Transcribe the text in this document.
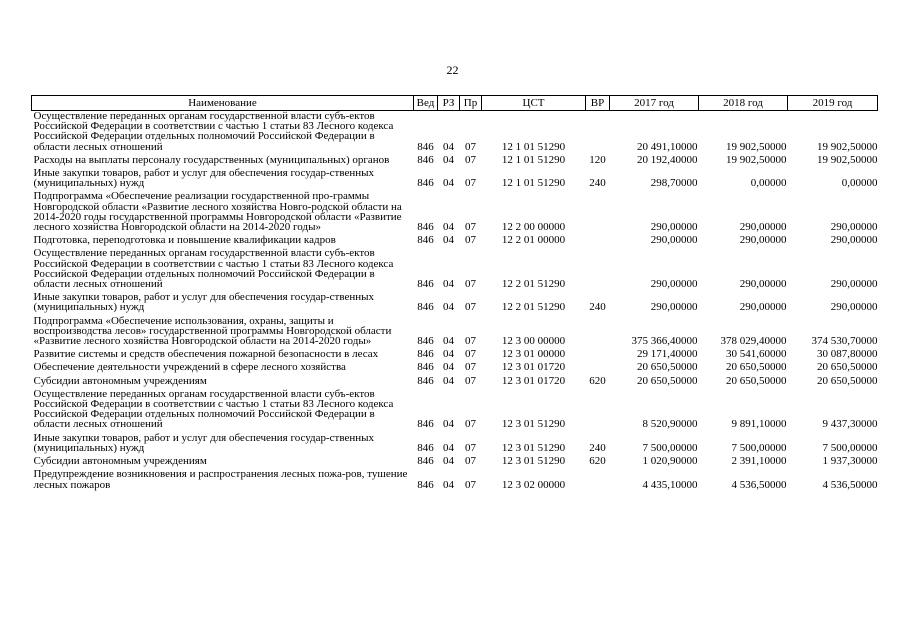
22
Наименование	Вед	РЗ	Пр	ЦСТ	ВР	2017 год	2018 год	2019 год
Осуществление переданных органам государственной власти субъ-ектов Российской Федерации в соответствии с частью 1 статьи 83 Лесного кодекса Российской Федерации отдельных полномочий Российской Федерации в области лесных отношений	846	04	07	12 1 01 51290		20 491,10000	19 902,50000	19 902,50000

Расходы на выплаты персоналу государственных (муниципальных) органов	846	04	07	12 1 01 51290	120	20 192,40000	19 902,50000	19 902,50000

Иные закупки товаров, работ и услуг для обеспечения государ-ственных (муниципальных) нужд	846	04	07	12 1 01 51290	240	298,70000	0,00000	0,00000

Подпрограмма «Обеспечение реализации государственной про-граммы Новгородской области «Развитие лесного хозяйства Новго-родской области на 2014-2020 годы государственной программы Новгородской области «Развитие лесного хозяйства Новгородской области на 2014-2020 годы»	846	04	07	12 2 00 00000		290,00000	290,00000	290,00000

Подготовка, переподготовка и повышение квалификации кадров	846	04	07	12 2 01 00000		290,00000	290,00000	290,00000

Осуществление переданных органам государственной власти субъ-ектов Российской Федерации в соответствии с частью 1 статьи 83 Лесного кодекса Российской Федерации отдельных полномочий Российской Федерации в области лесных отношений	846	04	07	12 2 01 51290		290,00000	290,00000	290,00000

Иные закупки товаров, работ и услуг для обеспечения государ-ственных (муниципальных) нужд	846	04	07	12 2 01 51290	240	290,00000	290,00000	290,00000

Подпрограмма «Обеспечение использования, охраны, защиты и воспроизводства лесов» государственной программы Новгородской области «Развитие лесного хозяйства Новгородской области на 2014-2020 годы»	846	04	07	12 3 00 00000		375 366,40000	378 029,40000	374 530,70000

Развитие системы и средств обеспечения пожарной безопасности в лесах	846	04	07	12 3 01 00000		29 171,40000	30 541,60000	30 087,80000

Обеспечение деятельности учреждений в сфере лесного хозяйства	846	04	07	12 3 01 01720		20 650,50000	20 650,50000	20 650,50000

Субсидии автономным учреждениям	846	04	07	12 3 01 01720	620	20 650,50000	20 650,50000	20 650,50000

Осуществление переданных органам государственной власти субъ-ектов Российской Федерации в соответствии с частью 1 статьи 83 Лесного кодекса Российской Федерации отдельных полномочий Российской Федерации в области лесных отношений	846	04	07	12 3 01 51290		8 520,90000	9 891,10000	9 437,30000

Иные закупки товаров, работ и услуг для обеспечения государ-ственных (муниципальных) нужд	846	04	07	12 3 01 51290	240	7 500,00000	7 500,00000	7 500,00000

Субсидии автономным учреждениям	846	04	07	12 3 01 51290	620	1 020,90000	2 391,10000	1 937,30000

Предупреждение возникновения и распространения лесных пожа-ров, тушение лесных пожаров	846	04	07	12 3 02 00000		4 435,10000	4 536,50000	4 536,50000
